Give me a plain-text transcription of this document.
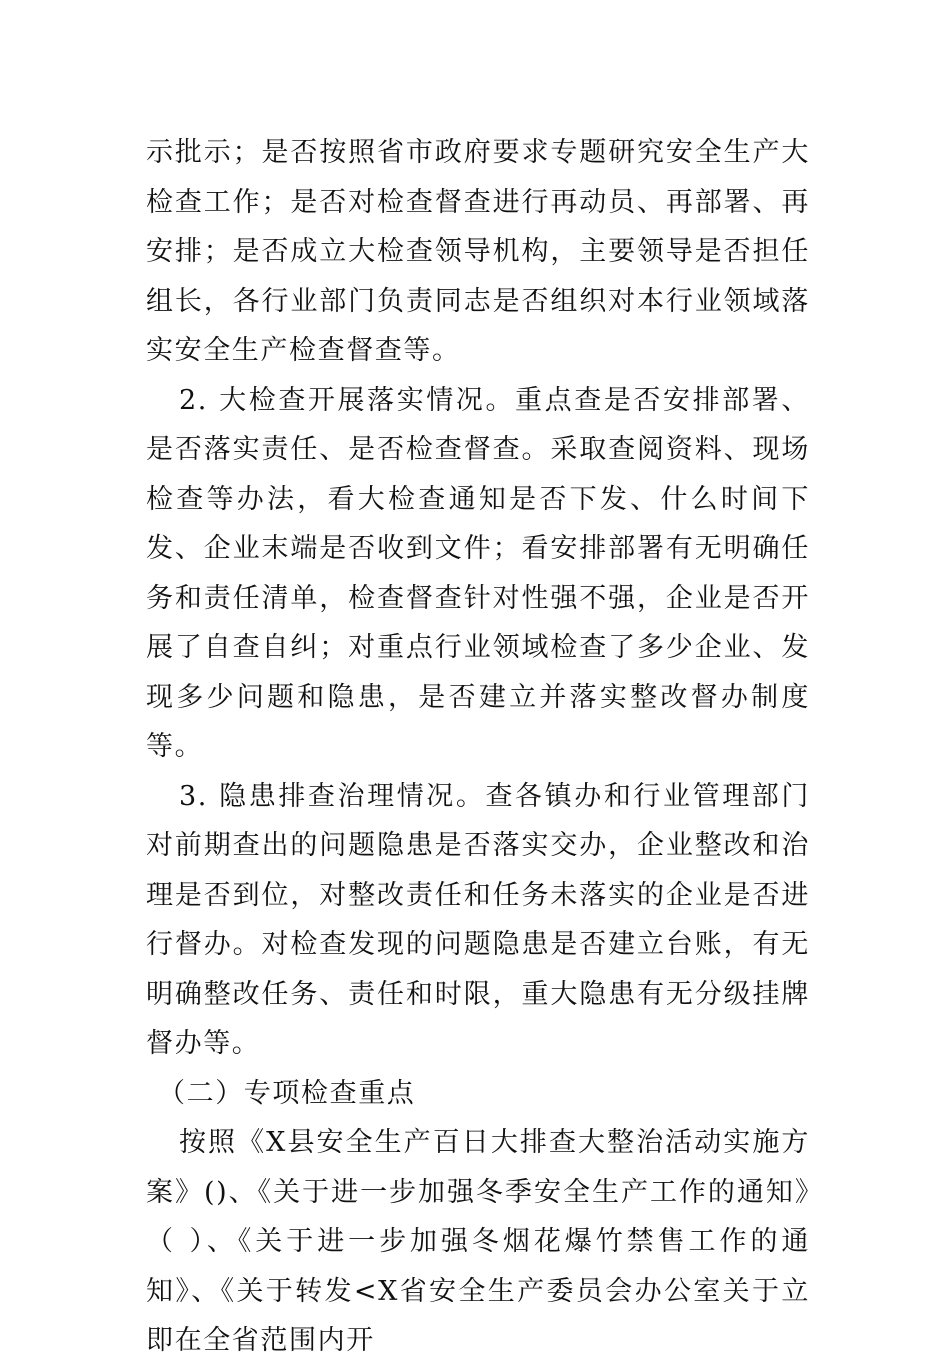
示批示；是否按照省市政府要求专题研究安全生产大检查工作；是否对检查督查进行再动员、再部署、再安排；是否成立大检查领导机构，主要领导是否担任组长，各行业部门负责同志是否组织对本行业领域落实安全生产检查督查等。

2. 大检查开展落实情况。重点查是否安排部署、是否落实责任、是否检查督查。采取查阅资料、现场检查等办法，看大检查通知是否下发、什么时间下发、企业末端是否收到文件；看安排部署有无明确任务和责任清单，检查督查针对性强不强，企业是否开展了自查自纠；对重点行业领域检查了多少企业、发现多少问题和隐患，是否建立并落实整改督办制度等。

3. 隐患排查治理情况。查各镇办和行业管理部门对前期查出的问题隐患是否落实交办，企业整改和治理是否到位，对整改责任和任务未落实的企业是否进行督办。对检查发现的问题隐患是否建立台账，有无明确整改任务、责任和时限，重大隐患有无分级挂牌督办等。

（二）专项检查重点

按照《X县安全生产百日大排查大整治活动实施方案》()、《关于进一步加强冬季安全生产工作的通知》（ ）、《关于进一步加强冬烟花爆竹禁售工作的通知》、《关于转发<X省安全生产委员会办公室关于立即在全省范围内开
